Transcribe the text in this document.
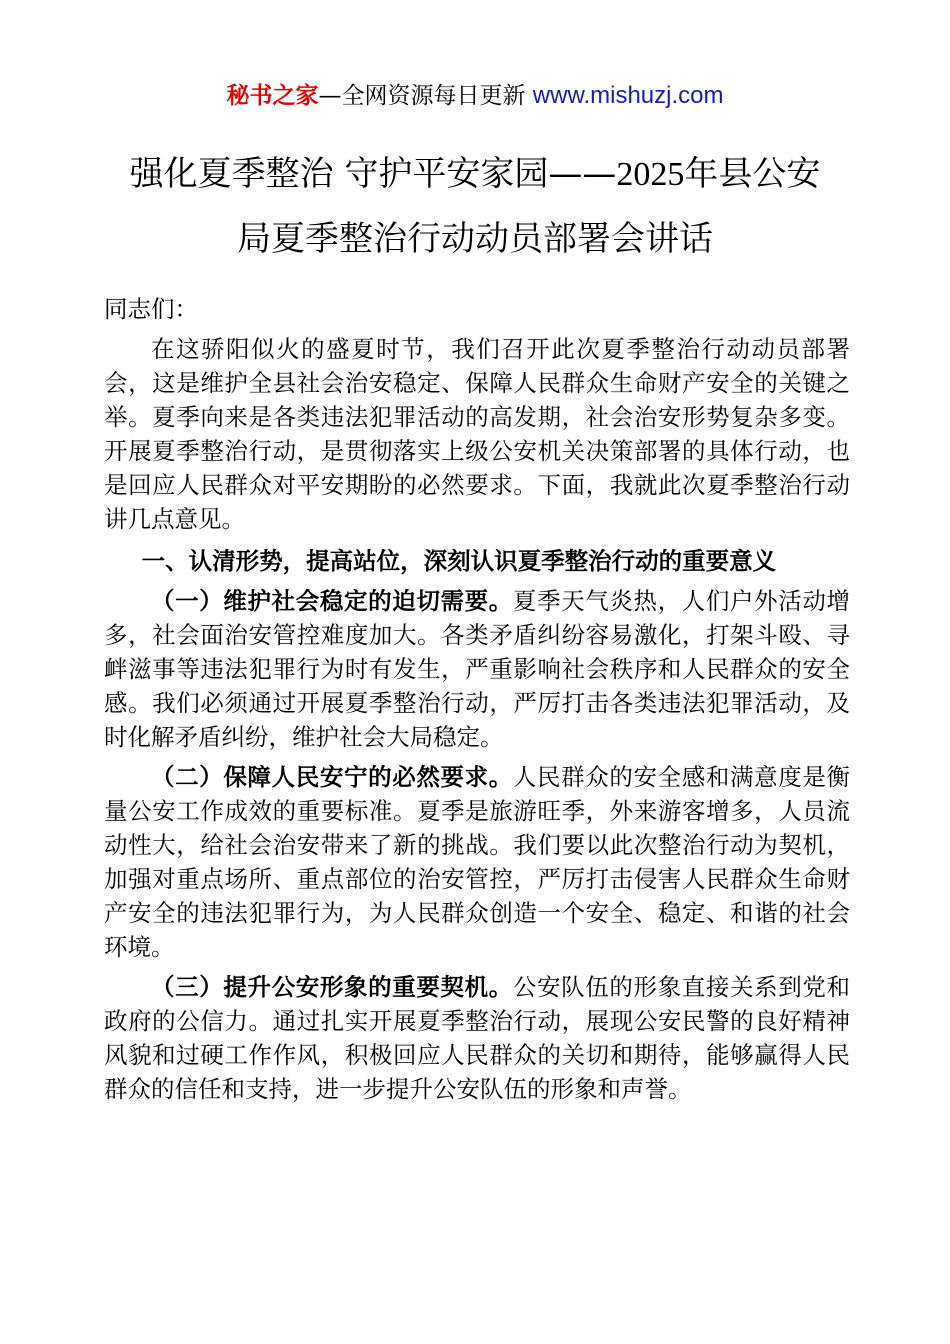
秘书之家—全网资源每日更新 www.mishuzj.com
强化夏季整治 守护平安家园——2025年县公安
局夏季整治行动动员部署会讲话

同志们：

在这骄阳似火的盛夏时节，我们召开此次夏季整治行动动员部署会，这是维护全县社会治安稳定、保障人民群众生命财产安全的关键之举。夏季向来是各类违法犯罪活动的高发期，社会治安形势复杂多变。开展夏季整治行动，是贯彻落实上级公安机关决策部署的具体行动，也是回应人民群众对平安期盼的必然要求。下面，我就此次夏季整治行动讲几点意见。

一、认清形势，提高站位，深刻认识夏季整治行动的重要意义

（一）维护社会稳定的迫切需要。夏季天气炎热，人们户外活动增多，社会面治安管控难度加大。各类矛盾纠纷容易激化，打架斗殴、寻衅滋事等违法犯罪行为时有发生，严重影响社会秩序和人民群众的安全感。我们必须通过开展夏季整治行动，严厉打击各类违法犯罪活动，及时化解矛盾纠纷，维护社会大局稳定。

（二）保障人民安宁的必然要求。人民群众的安全感和满意度是衡量公安工作成效的重要标准。夏季是旅游旺季，外来游客增多，人员流动性大，给社会治安带来了新的挑战。我们要以此次整治行动为契机，加强对重点场所、重点部位的治安管控，严厉打击侵害人民群众生命财产安全的违法犯罪行为，为人民群众创造一个安全、稳定、和谐的社会环境。

（三）提升公安形象的重要契机。公安队伍的形象直接关系到党和政府的公信力。通过扎实开展夏季整治行动，展现公安民警的良好精神风貌和过硬工作作风，积极回应人民群众的关切和期待，能够赢得人民群众的信任和支持，进一步提升公安队伍的形象和声誉。
